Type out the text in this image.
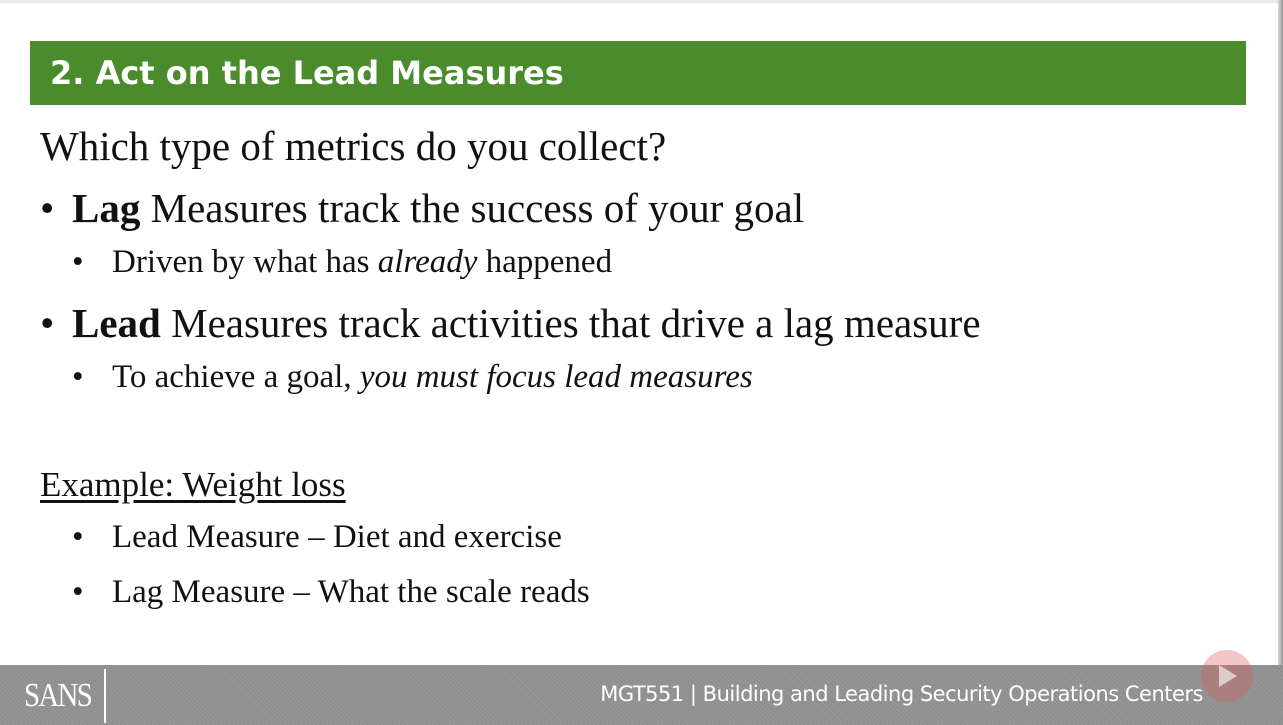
2. Act on the Lead Measures
Which type of metrics do you collect?
• Lag Measures track the success of your goal
• Driven by what has already happened
• Lead Measures track activities that drive a lag measure
• To achieve a goal, you must focus lead measures
Example: Weight loss
• Lead Measure – Diet and exercise
• Lag Measure – What the scale reads
SANS	MGT551 | Building and Leading Security Operations Centers
